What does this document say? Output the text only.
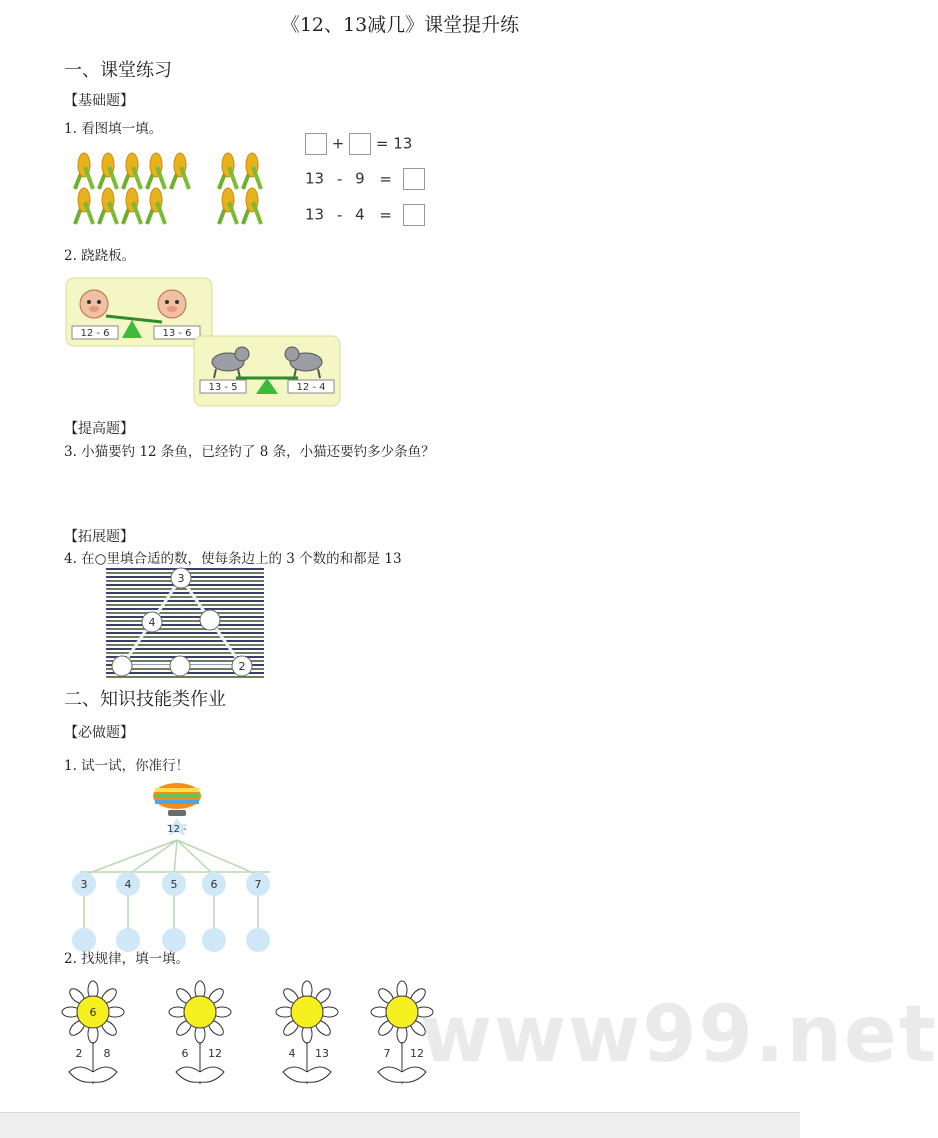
《12、13减几》课堂提升练
一、课堂练习
【基础题】
1. 看图填一填。
+ = 13
13 - 9 =
13 - 4 =
2. 跷跷板。
12 - 6	13 - 6
13 - 5	12 - 4
【提高题】
3. 小猫要钓 12 条鱼，已经钓了 8 条，小猫还要钓多少条鱼？
【拓展题】
4. 在○里填合适的数，使每条边上的 3 个数的和都是 13
3
4
2
二、知识技能类作业
【必做题】
1. 试一试，你准行！
12 -
3	4	5	6	7
2. 找规律，填一填。
6
2 8	6 12	4 13	7 12
www99.net
